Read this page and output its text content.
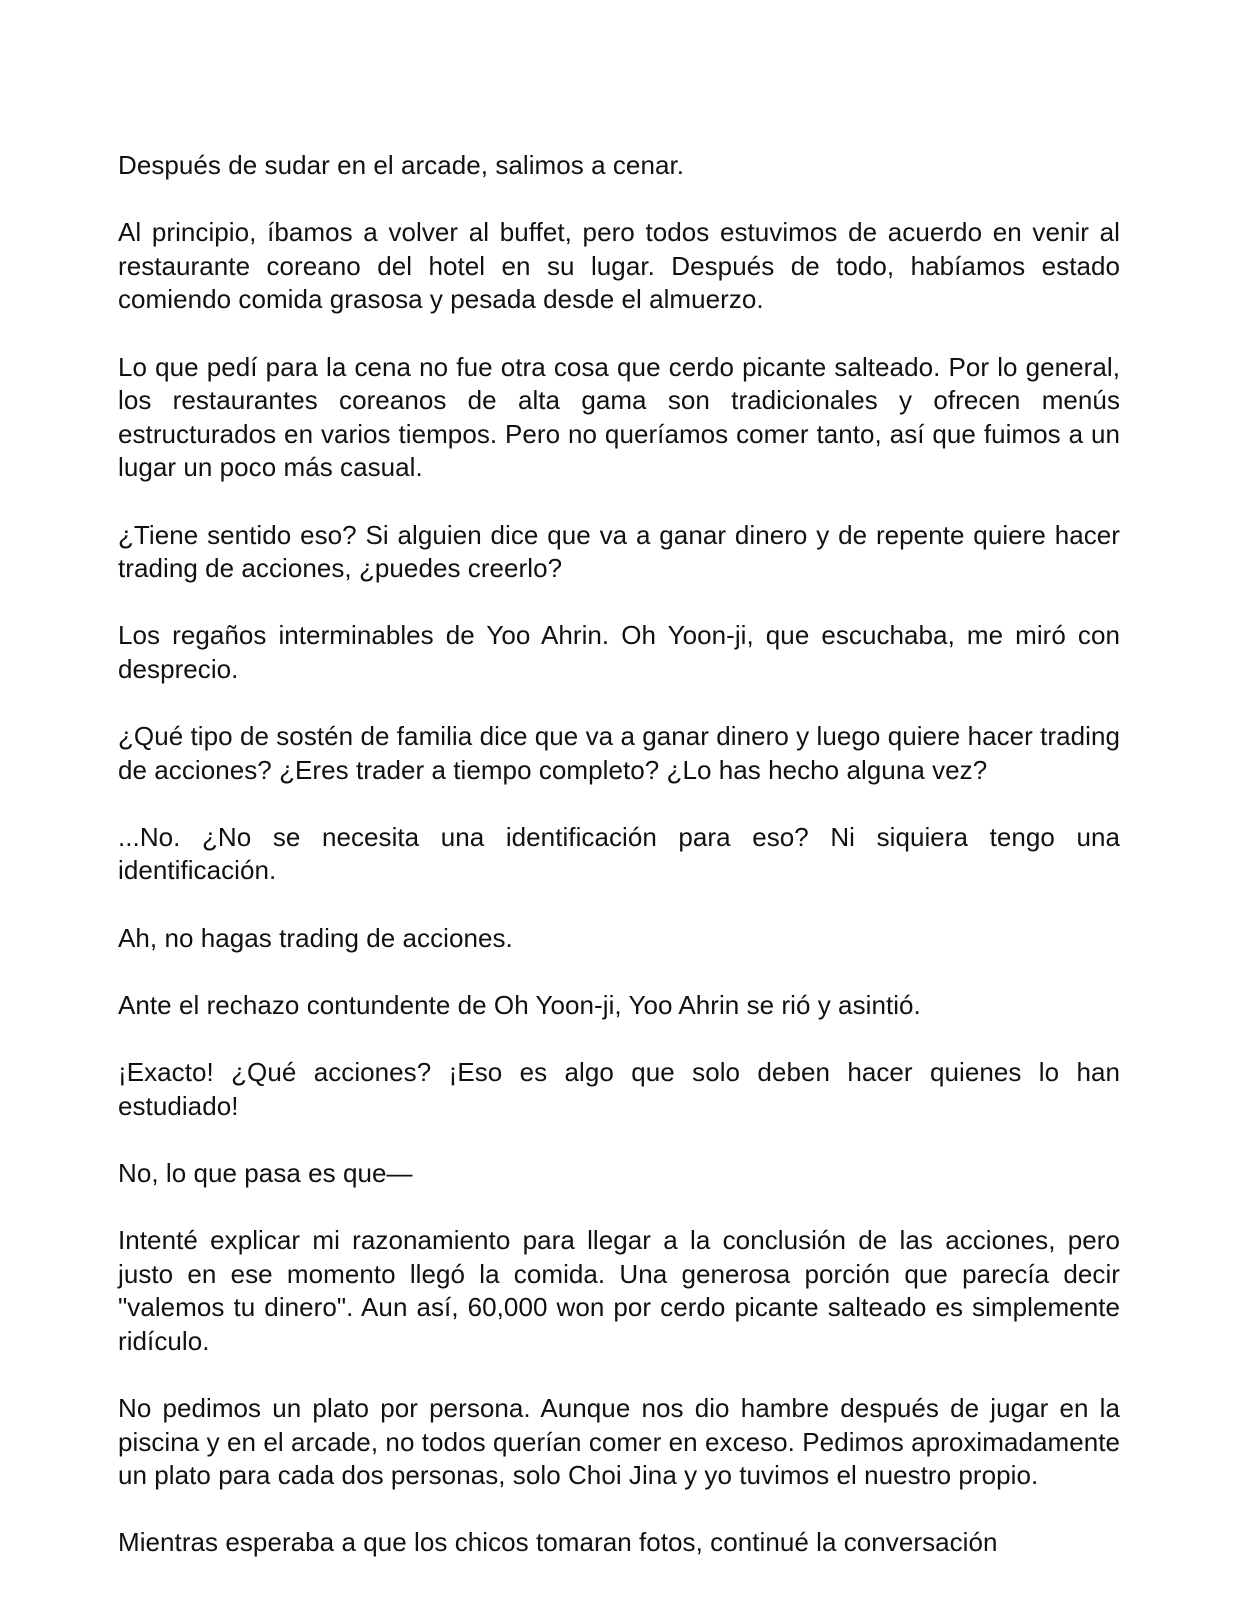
Después de sudar en el arcade, salimos a cenar.

Al principio, íbamos a volver al buffet, pero todos estuvimos de acuerdo en venir al restaurante coreano del hotel en su lugar. Después de todo, habíamos estado comiendo comida grasosa y pesada desde el almuerzo.

Lo que pedí para la cena no fue otra cosa que cerdo picante salteado. Por lo general, los restaurantes coreanos de alta gama son tradicionales y ofrecen menús estructurados en varios tiempos. Pero no queríamos comer tanto, así que fuimos a un lugar un poco más casual.

¿Tiene sentido eso? Si alguien dice que va a ganar dinero y de repente quiere hacer trading de acciones, ¿puedes creerlo?

Los regaños interminables de Yoo Ahrin. Oh Yoon-ji, que escuchaba, me miró con desprecio.

¿Qué tipo de sostén de familia dice que va a ganar dinero y luego quiere hacer trading de acciones? ¿Eres trader a tiempo completo? ¿Lo has hecho alguna vez?

...No. ¿No se necesita una identificación para eso? Ni siquiera tengo una identificación.

Ah, no hagas trading de acciones.

Ante el rechazo contundente de Oh Yoon-ji, Yoo Ahrin se rió y asintió.

¡Exacto! ¿Qué acciones? ¡Eso es algo que solo deben hacer quienes lo han estudiado!

No, lo que pasa es que—

Intenté explicar mi razonamiento para llegar a la conclusión de las acciones, pero justo en ese momento llegó la comida. Una generosa porción que parecía decir "valemos tu dinero". Aun así, 60,000 won por cerdo picante salteado es simplemente ridículo.

No pedimos un plato por persona. Aunque nos dio hambre después de jugar en la piscina y en el arcade, no todos querían comer en exceso. Pedimos aproximadamente un plato para cada dos personas, solo Choi Jina y yo tuvimos el nuestro propio.

Mientras esperaba a que los chicos tomaran fotos, continué la conversación
